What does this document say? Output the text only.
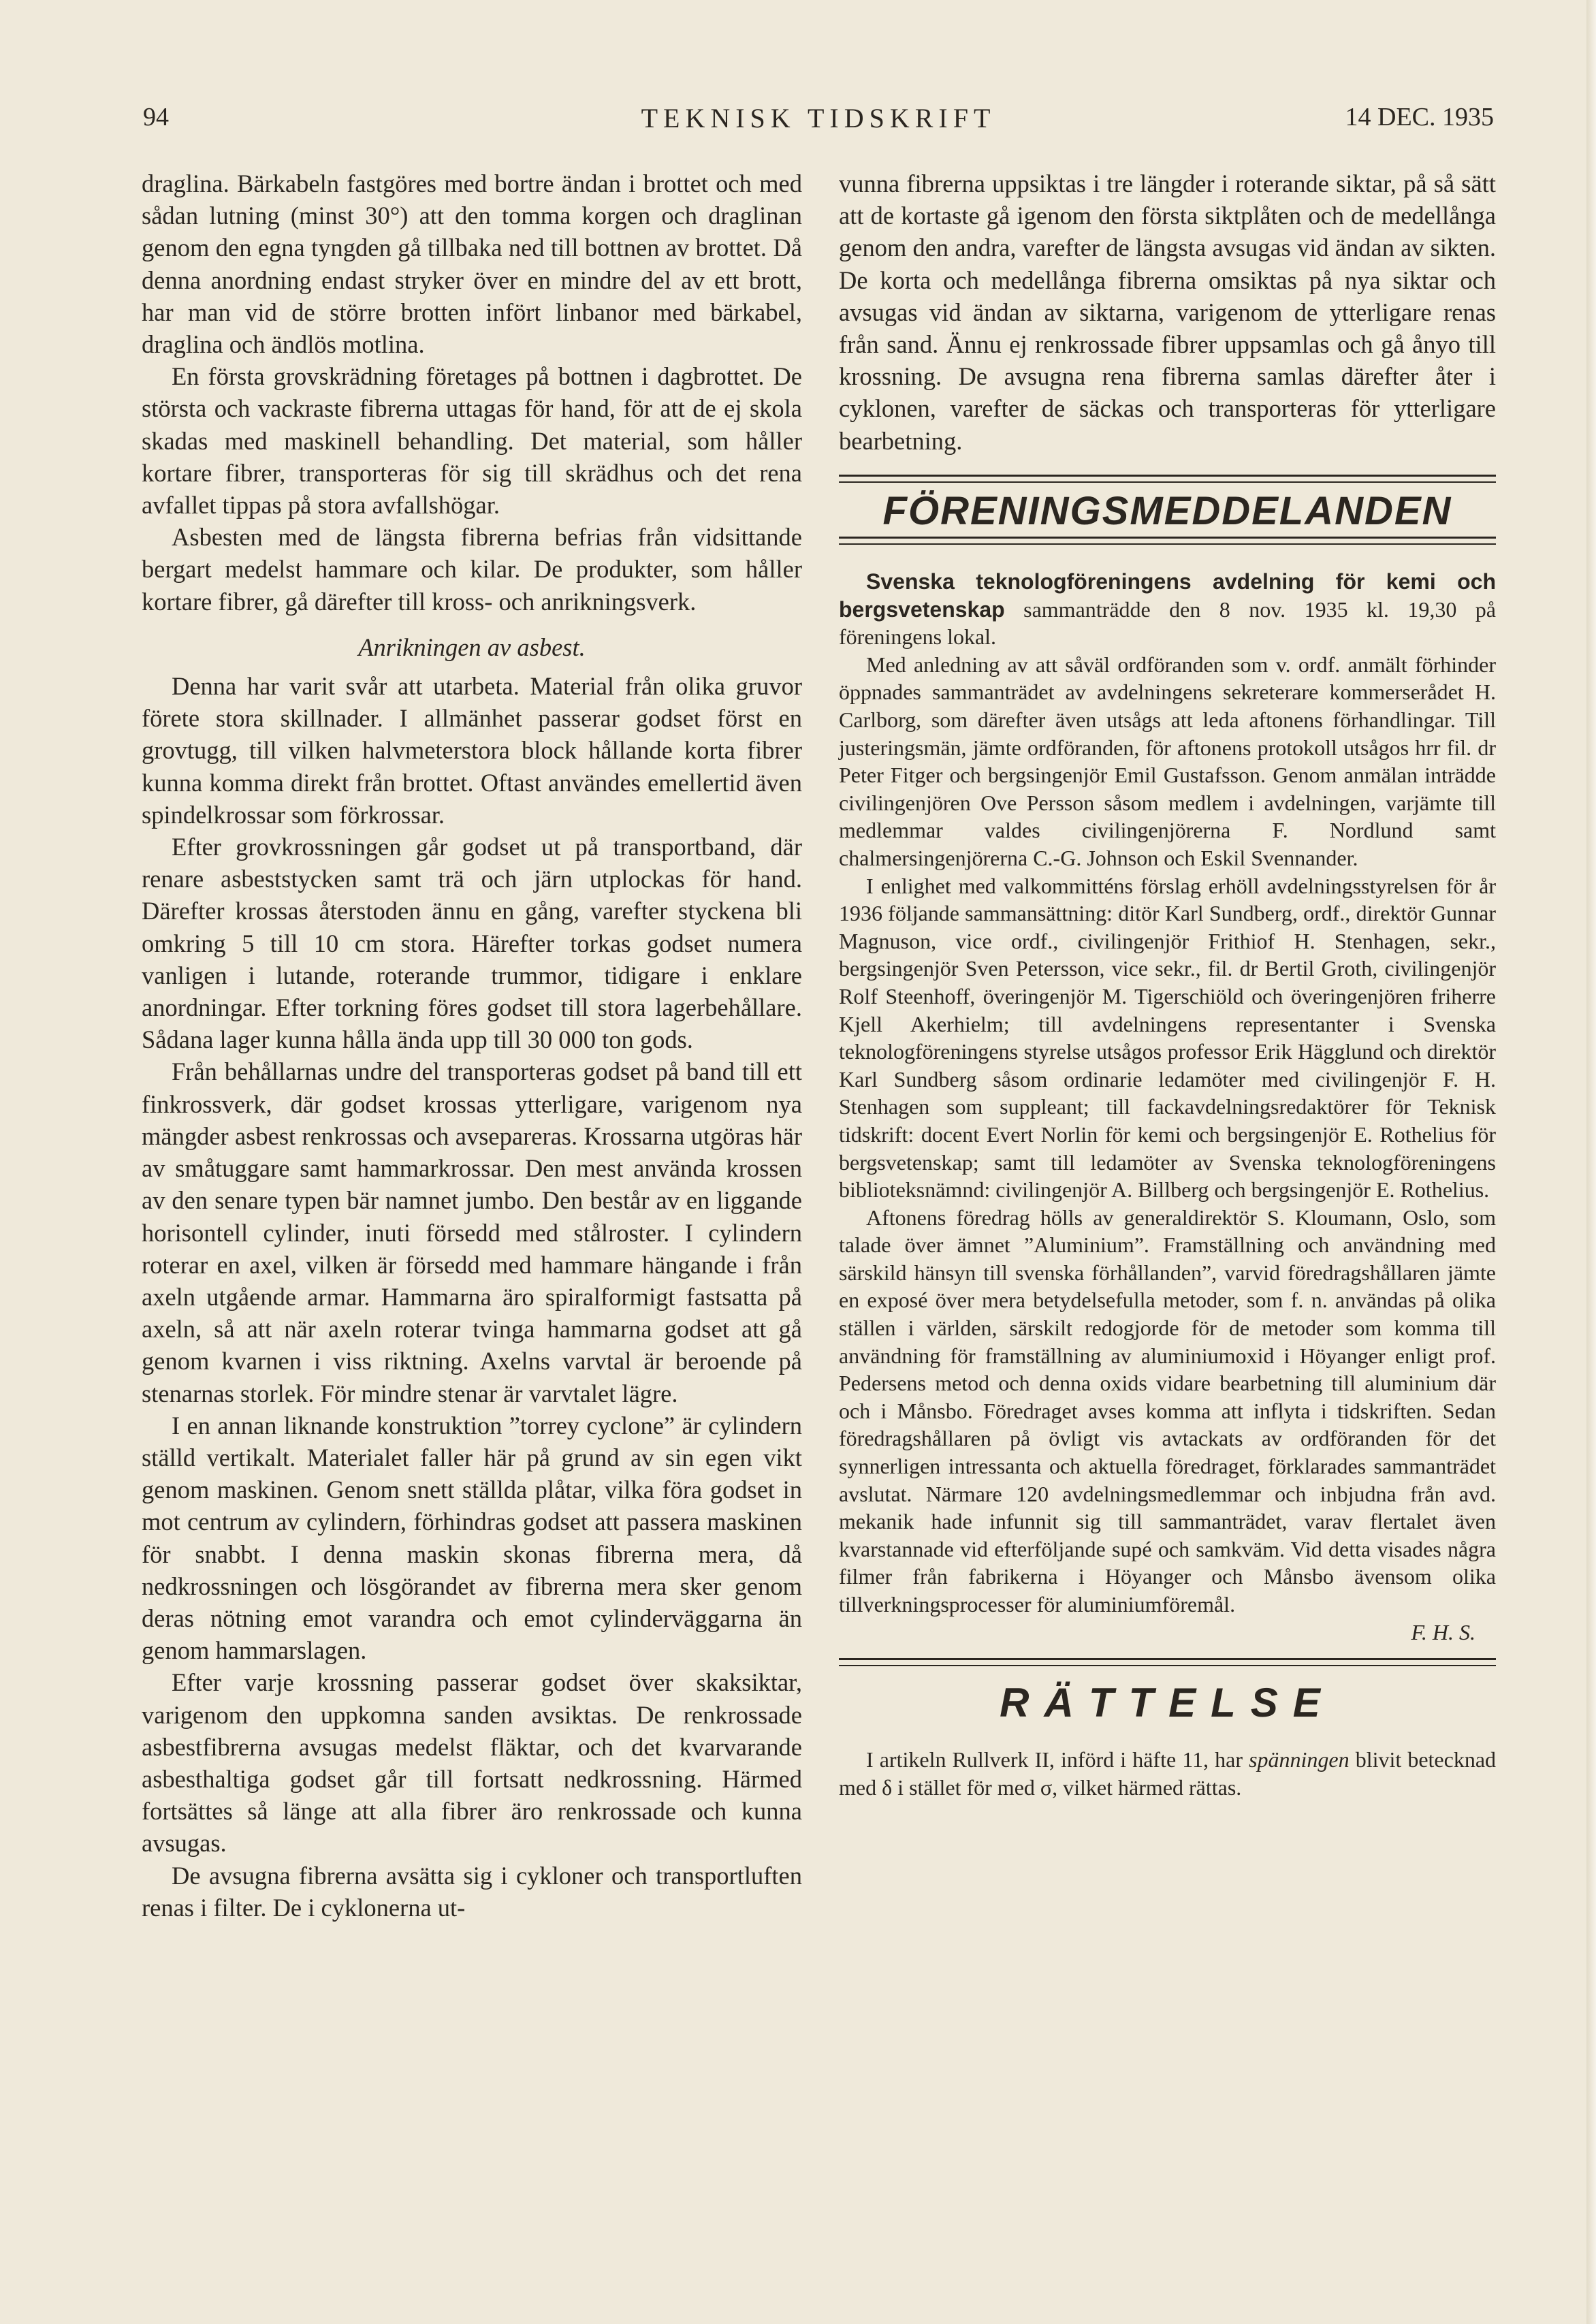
94	TEKNISK TIDSKRIFT	14 DEC. 1935

draglina. Bärkabeln fastgöres med bortre ändan i brottet och med sådan lutning (minst 30°) att den tomma korgen och draglinan genom den egna tyngden gå tillbaka ned till bottnen av brottet. Då denna anordning endast stryker över en mindre del av ett brott, har man vid de större brotten infört linbanor med bärkabel, draglina och ändlös motlina.

En första grovskrädning företages på bottnen i dagbrottet. De största och vackraste fibrerna uttagas för hand, för att de ej skola skadas med maskinell behandling. Det material, som håller kortare fibrer, transporteras för sig till skrädhus och det rena avfallet tippas på stora avfallshögar.

Asbesten med de längsta fibrerna befrias från vidsittande bergart medelst hammare och kilar. De produkter, som håller kortare fibrer, gå därefter till kross- och anrikningsverk.

Anrikningen av asbest.

Denna har varit svår att utarbeta. Material från olika gruvor förete stora skillnader. I allmänhet passerar godset först en grovtugg, till vilken halvmeterstora block hållande korta fibrer kunna komma direkt från brottet. Oftast användes emellertid även spindelkrossar som förkrossar.

Efter grovkrossningen går godset ut på transportband, där renare asbeststycken samt trä och järn utplockas för hand. Därefter krossas återstoden ännu en gång, varefter styckena bli omkring 5 till 10 cm stora. Härefter torkas godset numera vanligen i lutande, roterande trummor, tidigare i enklare anordningar. Efter torkning föres godset till stora lagerbehållare. Sådana lager kunna hålla ända upp till 30 000 ton gods.

Från behållarnas undre del transporteras godset på band till ett finkrossverk, där godset krossas ytterligare, varigenom nya mängder asbest renkrossas och avsepareras. Krossarna utgöras här av småtuggare samt hammarkrossar. Den mest använda krossen av den senare typen bär namnet jumbo. Den består av en liggande horisontell cylinder, inuti försedd med stålroster. I cylindern roterar en axel, vilken är försedd med hammare hängande i från axeln utgående armar. Hammarna äro spiralformigt fastsatta på axeln, så att när axeln roterar tvinga hammarna godset att gå genom kvarnen i viss riktning. Axelns varvtal är beroende på stenarnas storlek. För mindre stenar är varvtalet lägre.

I en annan liknande konstruktion ”torrey cyclone” är cylindern ställd vertikalt. Materialet faller här på grund av sin egen vikt genom maskinen. Genom snett ställda plåtar, vilka föra godset in mot centrum av cylindern, förhindras godset att passera maskinen för snabbt. I denna maskin skonas fibrerna mera, då nedkrossningen och lösgörandet av fibrerna mera sker genom deras nötning emot varandra och emot cylinderväggarna än genom hammarslagen.

Efter varje krossning passerar godset över skaksiktar, varigenom den uppkomna sanden avsiktas. De renkrossade asbestfibrerna avsugas medelst fläktar, och det kvarvarande asbesthaltiga godset går till fortsatt nedkrossning. Härmed fortsättes så länge att alla fibrer äro renkrossade och kunna avsugas.

De avsugna fibrerna avsätta sig i cykloner och transportluften renas i filter. De i cyklonerna ut-

vunna fibrerna uppsiktas i tre längder i roterande siktar, på så sätt att de kortaste gå igenom den första siktplåten och de medellånga genom den andra, varefter de längsta avsugas vid ändan av sikten. De korta och medellånga fibrerna omsiktas på nya siktar och avsugas vid ändan av siktarna, varigenom de ytterligare renas från sand. Ännu ej renkrossade fibrer uppsamlas och gå ånyo till krossning. De avsugna rena fibrerna samlas därefter åter i cyklonen, varefter de säckas och transporteras för ytterligare bearbetning.

FÖRENINGSMEDDELANDEN

Svenska teknologföreningens avdelning för kemi och bergsvetenskap sammanträdde den 8 nov. 1935 kl. 19,30 på föreningens lokal.

Med anledning av att såväl ordföranden som v. ordf. anmält förhinder öppnades sammanträdet av avdelningens sekreterare kommerserådet H. Carlborg, som därefter även utsågs att leda aftonens förhandlingar. Till justeringsmän, jämte ordföranden, för aftonens protokoll utsågos hrr fil. dr Peter Fitger och bergsingenjör Emil Gustafsson. Genom anmälan inträdde civilingenjören Ove Persson såsom medlem i avdelningen, varjämte till medlemmar valdes civilingenjörerna F. Nordlund samt chalmersingenjörerna C.-G. Johnson och Eskil Svennander.

I enlighet med valkommitténs förslag erhöll avdelningsstyrelsen för år 1936 följande sammansättning: ditör Karl Sundberg, ordf., direktör Gunnar Magnuson, vice ordf., civilingenjör Frithiof H. Stenhagen, sekr., bergsingenjör Sven Petersson, vice sekr., fil. dr Bertil Groth, civilingenjör Rolf Steenhoff, överingenjör M. Tigerschiöld och överingenjören friherre Kjell Akerhielm; till avdelningens representanter i Svenska teknologföreningens styrelse utsågos professor Erik Hägglund och direktör Karl Sundberg såsom ordinarie ledamöter med civilingenjör F. H. Stenhagen som suppleant; till fackavdelningsredaktörer för Teknisk tidskrift: docent Evert Norlin för kemi och bergsingenjör E. Rothelius för bergsvetenskap; samt till ledamöter av Svenska teknologföreningens biblioteksnämnd: civilingenjör A. Billberg och bergsingenjör E. Rothelius.

Aftonens föredrag hölls av generaldirektör S. Kloumann, Oslo, som talade över ämnet ”Aluminium”. Framställning och användning med särskild hänsyn till svenska förhållanden”, varvid föredragshållaren jämte en exposé över mera betydelsefulla metoder, som f. n. användas på olika ställen i världen, särskilt redogjorde för de metoder som komma till användning för framställning av aluminiumoxid i Höyanger enligt prof. Pedersens metod och denna oxids vidare bearbetning till aluminium där och i Månsbo. Föredraget avses komma att inflyta i tidskriften. Sedan föredragshållaren på övligt vis avtackats av ordföranden för det synnerligen intressanta och aktuella föredraget, förklarades sammanträdet avslutat. Närmare 120 avdelningsmedlemmar och inbjudna från avd. mekanik hade infunnit sig till sammanträdet, varav flertalet även kvarstannade vid efterföljande supé och samkväm. Vid detta visades några filmer från fabrikerna i Höyanger och Månsbo ävensom olika tillverkningsprocesser för aluminiumföremål.

F. H. S.
RÄTTELSE

I artikeln Rullverk II, införd i häfte 11, har spänningen blivit betecknad med δ i stället för med σ, vilket härmed rättas.
